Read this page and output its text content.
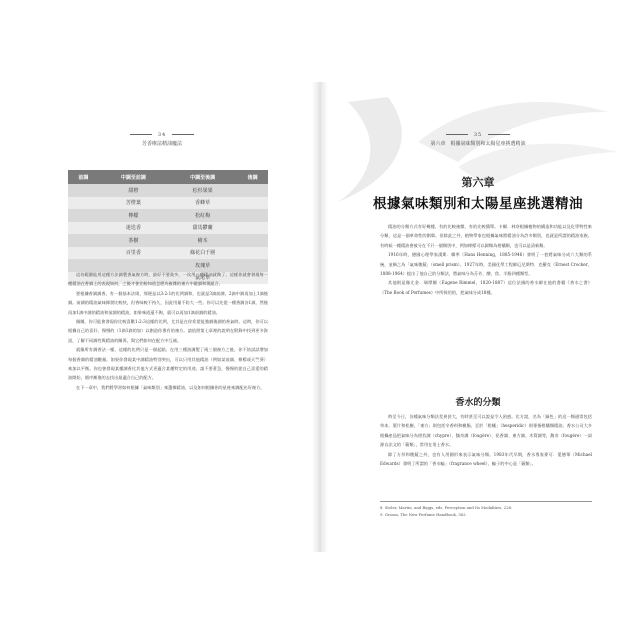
34
芳香療法精油魔法
前調	中調至前調	中調至後調	後調
	甜橙	松杉果果	
	苦橙葉	香蜂草	
	檸檬	松紅梅	
	迷迭香	甜馬鬱蘭	
	茶樹	檜木	
	百里香	綠花白千層	
		玫瑰草	
		鼠尾草	

這份範圍能用這種方法調製香氣複方時，最好不要貪多，一次用三種精油就夠了，這樣你就會發現每一種精油在香調上的表現如何，之後才會比較知道怎麼為複雜的複方中做調和與組合。

要根據香調調香，有一個基本法則，那便是以3:2:1的比例調和，也就是3滴前調、2滴中調再加上1滴後調。前調的精油氣味揮發比較快，但香味較不持久，因此用量不妨大一些。你可以先從一種香調各1滴，然後再加1滴中調的精油和前調的精油，如果味道還不夠，就可以再加1滴前調的精油。

偶爾，你可能會發現你比較喜歡1:2:3這樣的比例，尤其是在你希望能強調後調的香氣時。這時，你可以根據自己的喜好，慢慢的（1滴1滴的加）以創造你專有的複方。請依照第七章裡的說明在附錄中找到更多資訊，了解不同調性與精油的關係，與它們如何在配方中互補。

就像所有調香法一樣，這樣的比例只是一個起點。在用三種油調製了兩三個複方之後，你不妨試試增加每個香調的精油數量。如果你發現某中調精油特別突出，可以只用其他精油（例如某前調、檸檬或天竺葵）來加以平衡。你也會發現某種調香比其他方式更適合某種特定的用途。請不要著急，慢慢的從自己喜愛的精油開始，循序漸進的去找出最適合自己的配方。

在下一章中，我們將學習如何根據「氣味類別」來選擇精油，以及如何根據你的星座來調配出好複方。

35
第六章　根據氣味類別和太陽星座挑選精油
第六章
根據氣味類別和太陽星座挑選精油

精油的分類方式有好幾種，有的比較複雜，有的比較簡單。卡爾．林奈根據植物的構造和功能以及化學特性來分類，這是一個革命性的創舉。但除此之外，植物學家也根據氣味將精油分為許多類別，也就是所謂的精油家族。有時候一種精油會被分在不只一個類別中，例如檸檬可以歸類為柑橘類，也可以是清新類。

1916年時，德國心理學家漢斯．韓寧（Hans Henning，1885-1946）發明了一套將氣味分成六大類的系統，並稱之為「氣味稜鏡」（smell prism）。1927年時，美國化學工程師厄尼斯特．克羅克（Ernest Crocker，1888-1964）提出了他自己的分類法，將氣味分為芬芳、酸、焦、羊脂四種類型。

其他則是像尤金．瑞摩爾（Eugene Rimmel，1820-1887）這位法國的香水師在他的書籍《香水之書》（The Book of Perfumes）中所採用的，把氣味分成18種。

香水的分類

時至今日，各種氣味分類法差異甚大，有時甚至可以說是令人困惑。比方說，名為「綠色」的這一類通常包括草本、葉片和松樹。「東方」則包括辛香料和樹脂。至於「柑橘」（hesperidic）則專指柑橘類精油。香水公司大多根據產品把氣味分為柑苔調（chypre）、馥奇調（fougère）、花香調、東方調、木質調等，馥奇（fougère）一詞源自法文的「蕨類」，常用在男士香水。

除了方形和稜鏡之外，也有人用圓形來表示氣味分類。1983年代早期，香水專家麥可．愛德華（Michael Edwards）發明了所謂的「香水輪」（fragrance wheel），輪子的中心是「蕨類」。

8. Stoler, Martin, and Biggs, eds. Perception and Its Modalities, 226.
9. Groom, The New Perfume Handbook, 362.
